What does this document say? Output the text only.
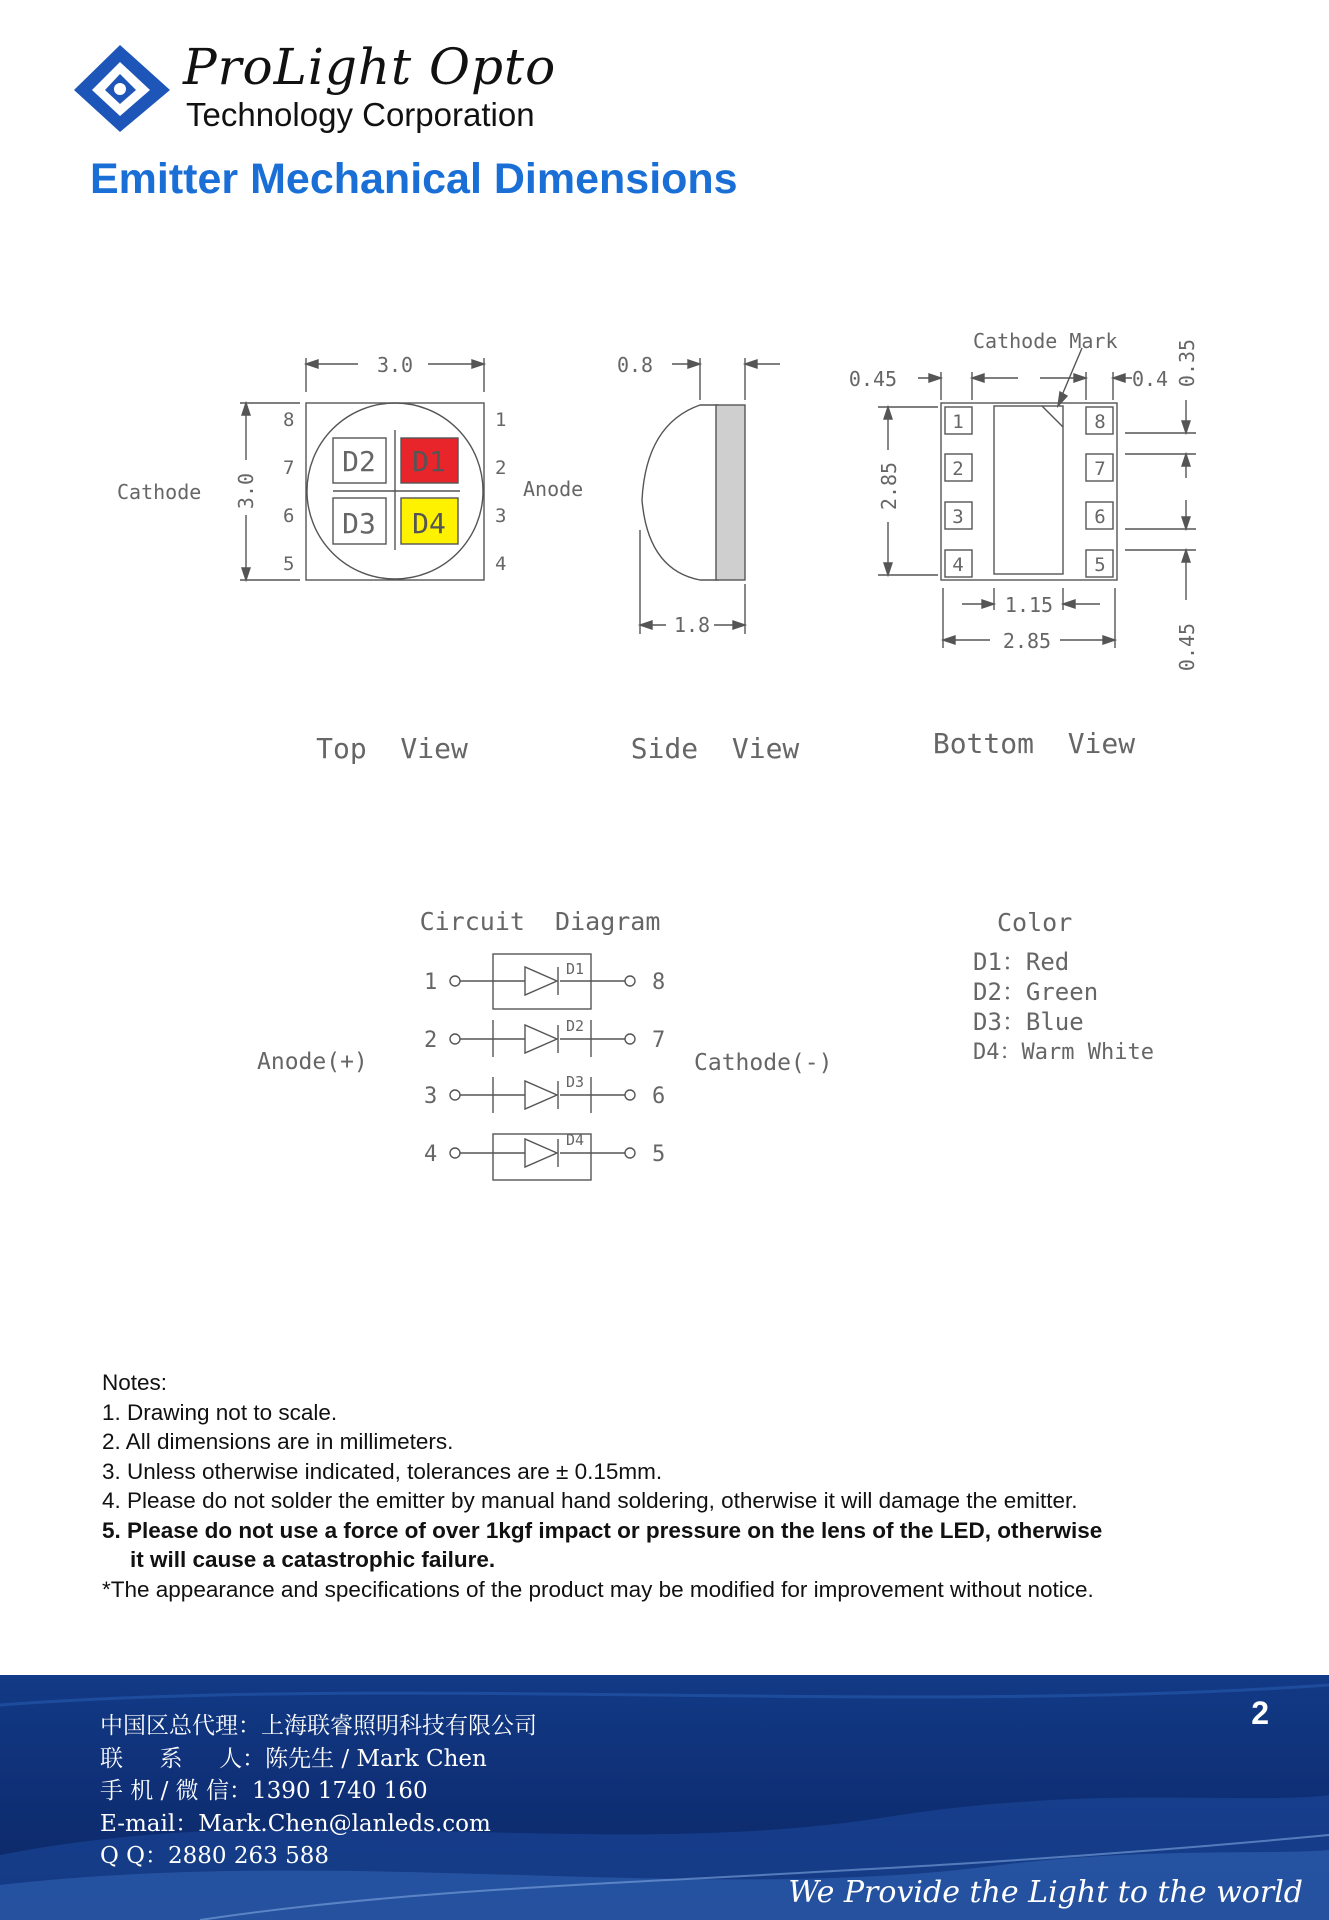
ProLight Opto
Technology Corporation
Emitter Mechanical Dimensions
3.0
3.0
Cathode	Anode
8
7
6
5
1
2
3
4
D2 D1
D3 D4
Top  View
0.8
1.8
Side  View
Cathode Mark
0.45	0.4 0.35
2.85
1.15
2.85	0.45
1
2
3
4
8
7
6
5
Bottom  View
Circuit  Diagram
Anode(+)	Cathode(-)
1	8
D1
2	7
D2
3	6
D3
4	5
D4
Color
D1：Red
D2：Green
D3：Blue
D4：Warm White
Notes:
1. Drawing not to scale.
2. All dimensions are in millimeters.
3. Unless otherwise indicated, tolerances are ± 0.15mm.
4. Please do not solder the emitter by manual hand soldering, otherwise it will damage the emitter.
5. Please do not use a force of over 1kgf impact or pressure on the lens of the LED, otherwise
it will cause a catastrophic failure.
*The appearance and specifications of the product may be modified for improvement without notice.
2
中国区总代理：上海联睿照明科技有限公司
联     系     人：陈先生 / Mark Chen
手 机 / 微 信：1390 1740 160
E-mail：Mark.Chen@lanleds.com
Q Q：2880 263 588
We Provide the Light to the world
